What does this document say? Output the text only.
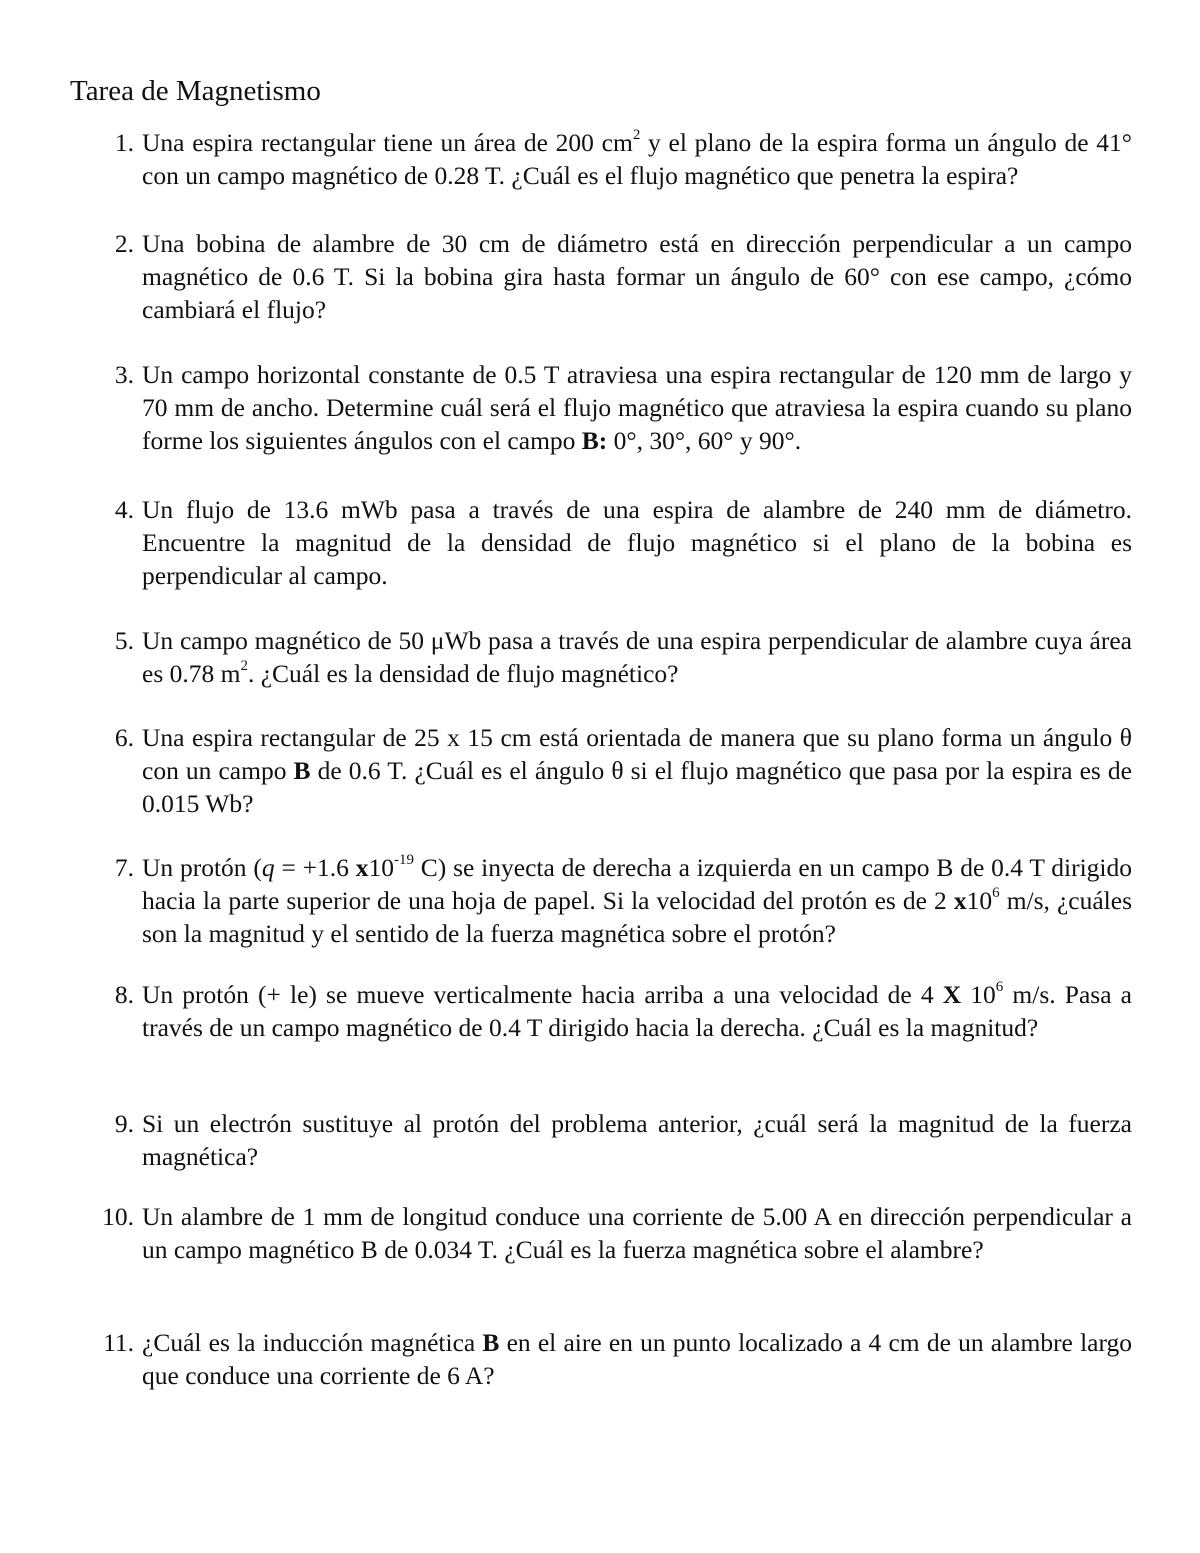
Tarea de Magnetismo
1. Una espira rectangular tiene un área de 200 $cm^2$ y el plano de la espira forma un ángulo de 41° con un campo magnético de 0.28 T. ¿Cuál es el flujo magnético que penetra la espira?
2. Una bobina de alambre de 30 cm de diámetro está en dirección perpendicular a un campo magnético de 0.6 T. Si la bobina gira hasta formar un ángulo de 60° con ese campo, ¿cómo cambiará el flujo?
3. Un campo horizontal constante de 0.5 T atraviesa una espira rectangular de 120 mm de largo y 70 mm de ancho. Determine cuál será el flujo magnético que atraviesa la espira cuando su plano forme los siguientes ángulos con el campo B: 0°, 30°, 60° y 90°.
4. Un flujo de 13.6 mWb pasa a través de una espira de alambre de 240 mm de diámetro. Encuentre la magnitud de la densidad de flujo magnético si el plano de la bobina es perpendicular al campo.
5. Un campo magnético de 50 μWb pasa a través de una espira perpendicular de alambre cuya área es 0.78 $m^2$. ¿Cuál es la densidad de flujo magnético?
6. Una espira rectangular de 25 x 15 cm está orientada de manera que su plano forma un ángulo θ con un campo B de 0.6 T. ¿Cuál es el ángulo θ si el flujo magnético que pasa por la espira es de 0.015 Wb?
7. Un protón (q = +1.6 $x10^{-19}$ C) se inyecta de derecha a izquierda en un campo B de 0.4 T dirigido hacia la parte superior de una hoja de papel. Si la velocidad del protón es de 2 $x10^6$ m/s, ¿cuáles son la magnitud y el sentido de la fuerza magnética sobre el protón?
8. Un protón (+ le) se mueve verticalmente hacia arriba a una velocidad de 4 X $10^6$ m/s. Pasa a través de un campo magnético de 0.4 T dirigido hacia la derecha. ¿Cuál es la magnitud?
9. Si un electrón sustituye al protón del problema anterior, ¿cuál será la magnitud de la fuerza magnética?
10. Un alambre de 1 mm de longitud conduce una corriente de 5.00 A en dirección perpendicular a un campo magnético B de 0.034 T. ¿Cuál es la fuerza magnética sobre el alambre?
11. ¿Cuál es la inducción magnética B en el aire en un punto localizado a 4 cm de un alambre largo que conduce una corriente de 6 A?
